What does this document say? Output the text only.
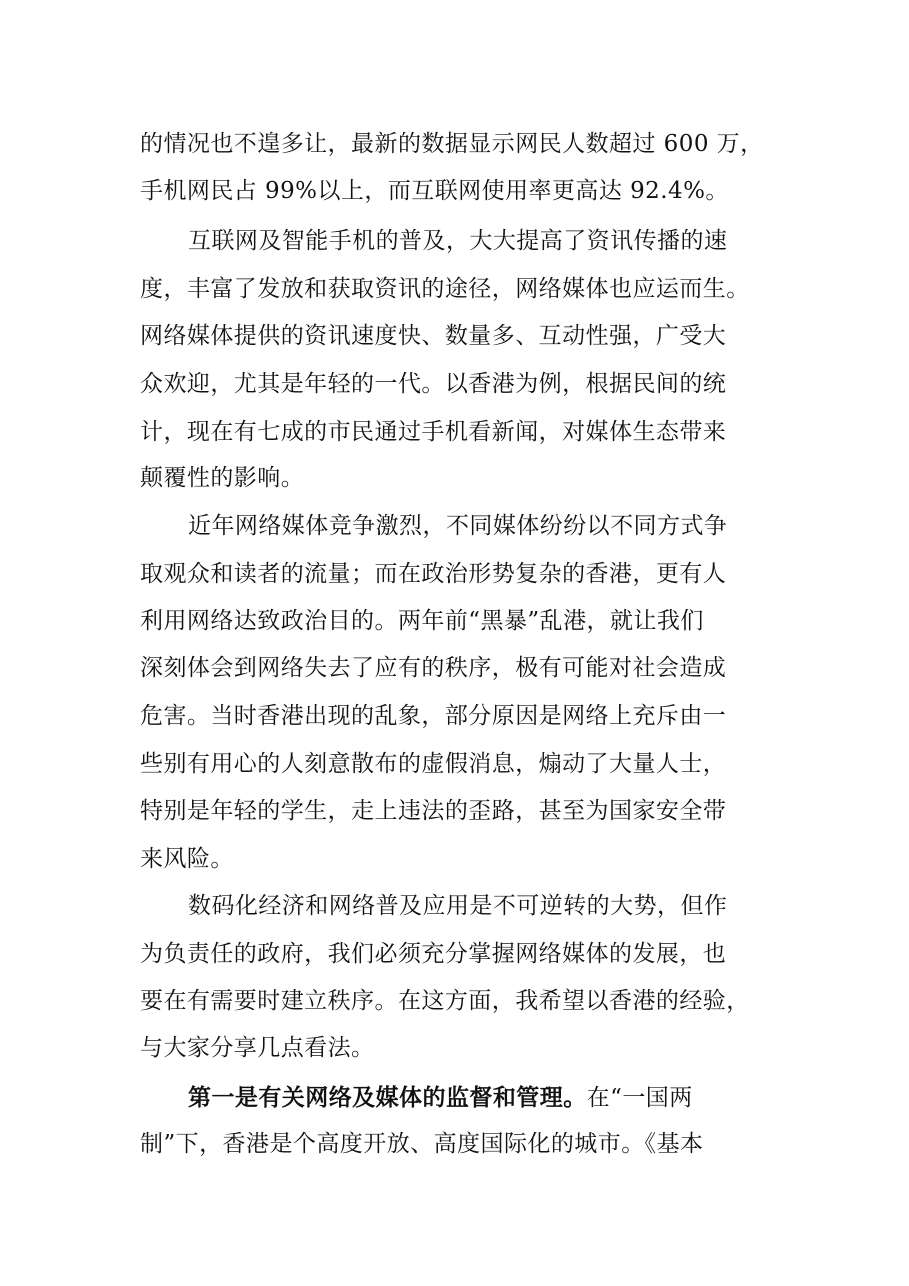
的情况也不遑多让，最新的数据显示网民人数超过 600 万，
手机网民占 99%以上，而互联网使用率更高达 92.4%。
互联网及智能手机的普及，大大提高了资讯传播的速
度，丰富了发放和获取资讯的途径，网络媒体也应运而生。
网络媒体提供的资讯速度快、数量多、互动性强，广受大
众欢迎，尤其是年轻的一代。以香港为例，根据民间的统
计，现在有七成的市民通过手机看新闻，对媒体生态带来
颠覆性的影响。
近年网络媒体竞争激烈，不同媒体纷纷以不同方式争
取观众和读者的流量；而在政治形势复杂的香港，更有人
利用网络达致政治目的。两年前“黑暴”乱港，就让我们
深刻体会到网络失去了应有的秩序，极有可能对社会造成
危害。当时香港出现的乱象，部分原因是网络上充斥由一
些别有用心的人刻意散布的虚假消息，煽动了大量人士，
特别是年轻的学生，走上违法的歪路，甚至为国家安全带
来风险。
数码化经济和网络普及应用是不可逆转的大势，但作
为负责任的政府，我们必须充分掌握网络媒体的发展，也
要在有需要时建立秩序。在这方面，我希望以香港的经验，
与大家分享几点看法。
第一是有关网络及媒体的监督和管理。在“一国两
制”下，香港是个高度开放、高度国际化的城市。《基本
